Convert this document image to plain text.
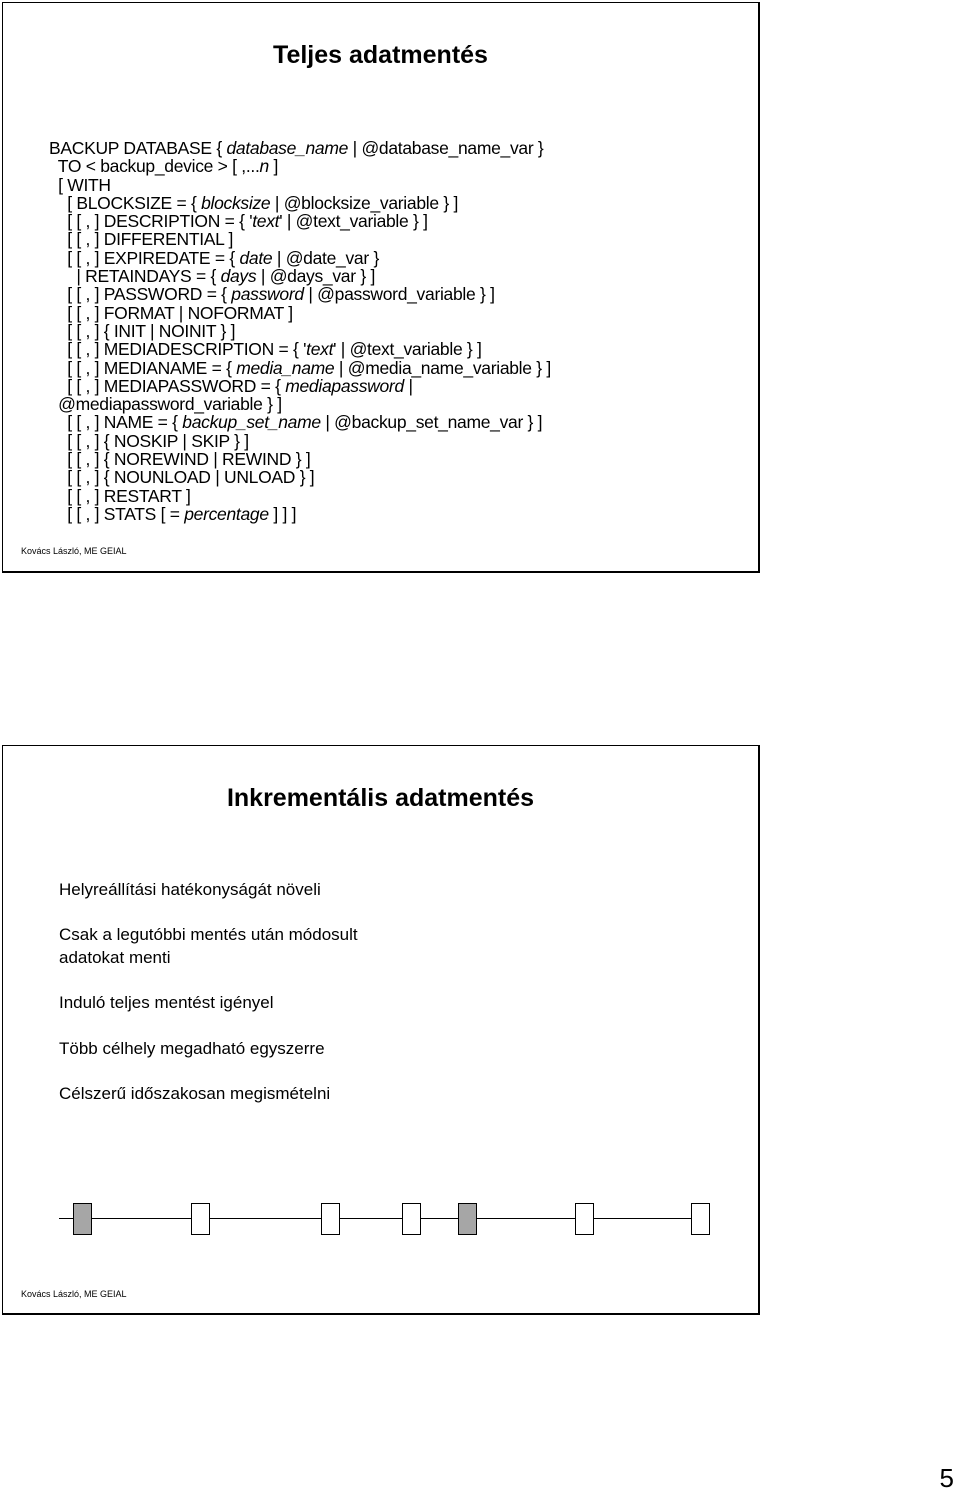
Teljes adatmentés
BACKUP DATABASE { database_name | @database_name_var }
TO < backup_device > [ ,...n ]
[ WITH
[ BLOCKSIZE = { blocksize | @blocksize_variable } ]
[ [ , ] DESCRIPTION = { 'text' | @text_variable } ]
[ [ , ] DIFFERENTIAL ]
[ [ , ] EXPIREDATE = { date | @date_var }
| RETAINDAYS = { days | @days_var } ]
[ [ , ] PASSWORD = { password | @password_variable } ]
[ [ , ] FORMAT | NOFORMAT ]
[ [ , ] { INIT | NOINIT } ]
[ [ , ] MEDIADESCRIPTION = { 'text' | @text_variable } ]
[ [ , ] MEDIANAME = { media_name | @media_name_variable } ]
[ [ , ] MEDIAPASSWORD = { mediapassword |
@mediapassword_variable } ]
[ [ , ] NAME = { backup_set_name | @backup_set_name_var } ]
[ [ , ] { NOSKIP | SKIP } ]
[ [ , ] { NOREWIND | REWIND } ]
[ [ , ] { NOUNLOAD | UNLOAD } ]
[ [ , ] RESTART ]
[ [ , ] STATS [ = percentage ] ] ]
Kovács László, ME GEIAL
Inkrementális adatmentés
Helyreállítási hatékonyságát növeli
Csak a legutóbbi mentés után módosult
adatokat menti
Induló teljes mentést igényel
Több célhely megadható egyszerre
Célszerű időszakosan megismételni
Kovács László, ME GEIAL
5
